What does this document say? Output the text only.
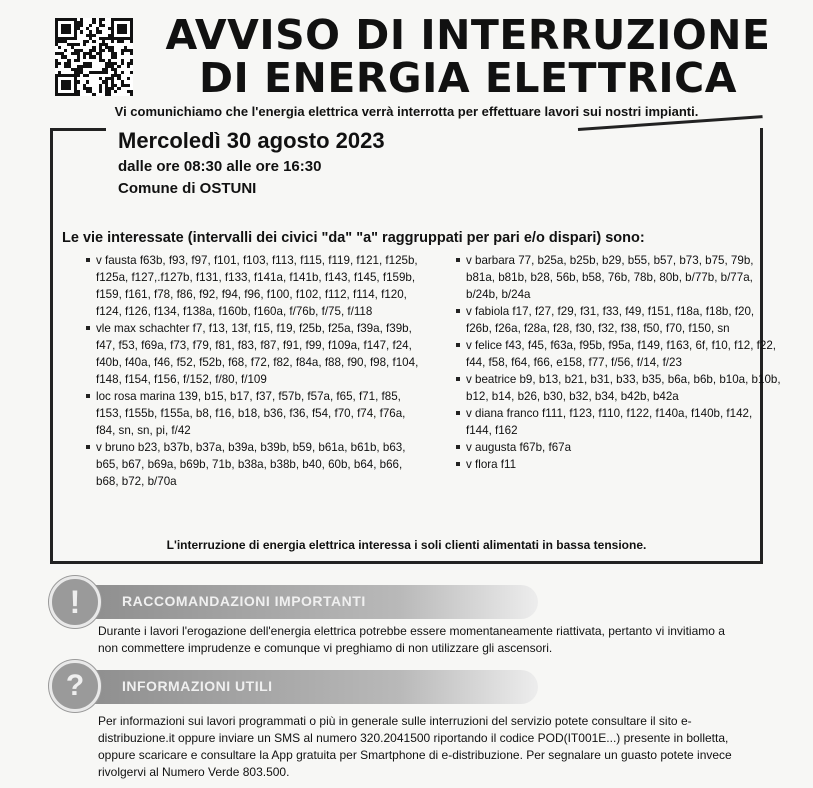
AVVISO DI INTERRUZIONE
DI ENERGIA ELETTRICA

Vi comunichiamo che l'energia elettrica verrà interrotta per effettuare lavori sui nostri impianti.

Mercoledì 30 agosto 2023

dalle ore 08:30 alle ore 16:30

Comune di OSTUNI

Le vie interessate (intervalli dei civici "da" "a" raggruppati per pari e/o dispari) sono:

v fausta f63b, f93, f97, f101, f103, f113, f115, f119, f121, f125b, f125a, f127,.f127b, f131, f133, f141a, f141b, f143, f145, f159b, f159, f161, f78, f86, f92, f94, f96, f100, f102, f112, f114, f120, f124, f126, f134, f138a, f160b, f160a, f/76b, f/75, f/118
vle max schachter f7, f13, 13f, f15, f19, f25b, f25a, f39a, f39b, f47, f53, f69a, f73, f79, f81, f83, f87, f91, f99, f109a, f147, f24, f40b, f40a, f46, f52, f52b, f68, f72, f82, f84a, f88, f90, f98, f104, f148, f154, f156, f/152, f/80, f/109
loc rosa marina 139, b15, b17, f37, f57b, f57a, f65, f71, f85, f153, f155b, f155a, b8, f16, b18, b36, f36, f54, f70, f74, f76a, f84, sn, sn, pi, f/42
v bruno b23, b37b, b37a, b39a, b39b, b59, b61a, b61b, b63, b65, b67, b69a, b69b, 71b, b38a, b38b, b40, 60b, b64, b66, b68, b72, b/70a
v barbara 77, b25a, b25b, b29, b55, b57, b73, b75, 79b, b81a, b81b, b28, 56b, b58, 76b, 78b, 80b, b/77b, b/77a, b/24b, b/24a
v fabiola f17, f27, f29, f31, f33, f49, f151, f18a, f18b, f20, f26b, f26a, f28a, f28, f30, f32, f38, f50, f70, f150, sn
v felice f43, f45, f63a, f95b, f95a, f149, f163, 6f, f10, f12, f22, f44, f58, f64, f66, e158, f77, f/56, f/14, f/23
v beatrice b9, b13, b21, b31, b33, b35, b6a, b6b, b10a, b10b, b12, b14, b26, b30, b32, b34, b42b, b42a
v diana franco f111, f123, f110, f122, f140a, f140b, f142, f144, f162
v augusta f67b, f67a
v flora f11

L'interruzione di energia elettrica interessa i soli clienti alimentati in bassa tensione.

RACCOMANDAZIONI IMPORTANTI

!

Durante i lavori l'erogazione dell'energia elettrica potrebbe essere momentaneamente riattivata, pertanto vi invitiamo a non commettere imprudenze e comunque vi preghiamo di non utilizzare gli ascensori.

INFORMAZIONI UTILI

?

Per informazioni sui lavori programmati o più in generale sulle interruzioni del servizio potete consultare il sito e-distribuzione.it oppure inviare un SMS al numero 320.2041500 riportando il codice POD(IT001E...) presente in bolletta, oppure scaricare e consultare la App gratuita per Smartphone di e-distribuzione. Per segnalare un guasto potete invece rivolgervi al Numero Verde 803.500.
